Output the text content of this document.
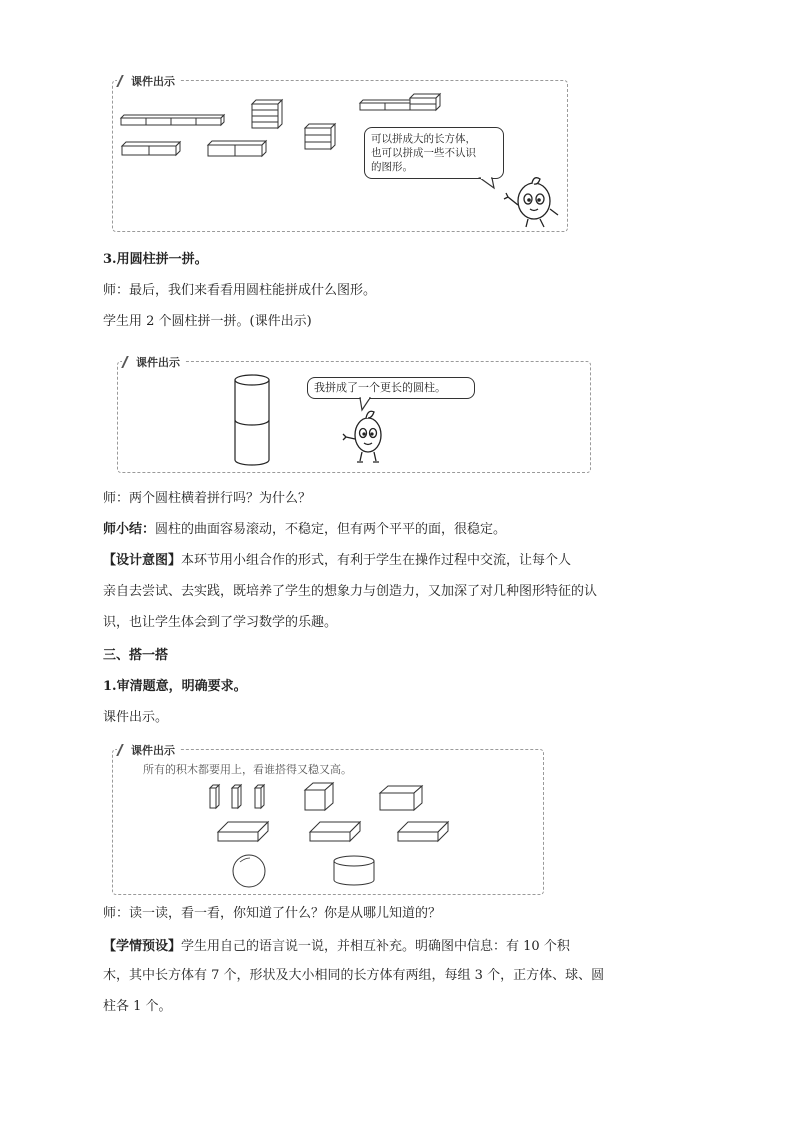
课件出示
可以拼成大的长方体，
也可以拼成一些不认识
的图形。
3.用圆柱拼一拼。
师：最后，我们来看看用圆柱能拼成什么图形。
学生用 2 个圆柱拼一拼。(课件出示)
课件出示
我拼成了一个更长的圆柱。
师：两个圆柱横着拼行吗？为什么？
师小结：圆柱的曲面容易滚动，不稳定，但有两个平平的面，很稳定。
【设计意图】本环节用小组合作的形式，有利于学生在操作过程中交流，让每个人
亲自去尝试、去实践，既培养了学生的想象力与创造力，又加深了对几种图形特征的认
识，也让学生体会到了学习数学的乐趣。
三、搭一搭
1.审清题意，明确要求。
课件出示。
课件出示
所有的积木都要用上，看谁搭得又稳又高。
师：读一读，看一看，你知道了什么？你是从哪儿知道的？
【学情预设】学生用自己的语言说一说，并相互补充。明确图中信息：有 10 个积
木，其中长方体有 7 个，形状及大小相同的长方体有两组，每组 3 个，正方体、球、圆
柱各 1 个。
